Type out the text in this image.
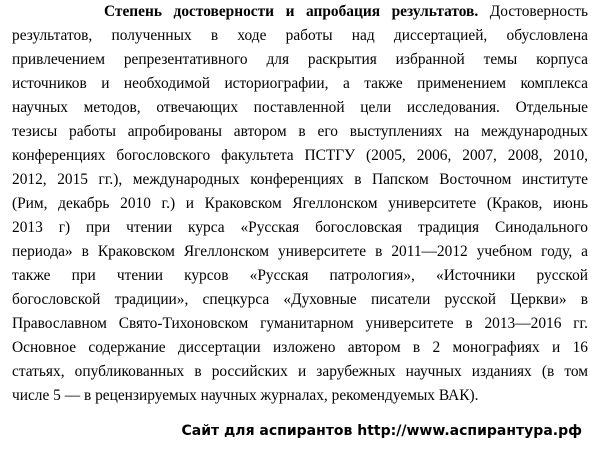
Степень достоверности и апробация результатов. Достоверность
результатов, полученных в ходе работы над диссертацией, обусловлена
привлечением репрезентативного для раскрытия избранной темы корпуса
источников и необходимой историографии, а также применением комплекса
научных методов, отвечающих поставленной цели исследования. Отдельные
тезисы работы апробированы автором в его выступлениях на международных
конференциях богословского факультета ПСТГУ (2005, 2006, 2007, 2008, 2010,
2012, 2015 гг.), международных конференциях в Папском Восточном институте
(Рим, декабрь 2010 г.) и Краковском Ягеллонском университете (Краков, июнь
2013 г) при чтении курса «Русская богословская традиция Синодального
периода» в Краковском Ягеллонском университете в 2011—2012 учебном году, а
также при чтении курсов «Русская патрология», «Источники русской
богословской традиции», спецкурса «Духовные писатели русской Церкви» в
Православном Свято-Тихоновском гуманитарном университете в 2013—2016 гг.
Основное содержание диссертации изложено автором в 2 монографиях и 16
статьях, опубликованных в российских и зарубежных научных изданиях (в том
числе 5 — в рецензируемых научных журналах, рекомендуемых ВАК).
Сайт для аспирантов http://www.аспирантура.рф
